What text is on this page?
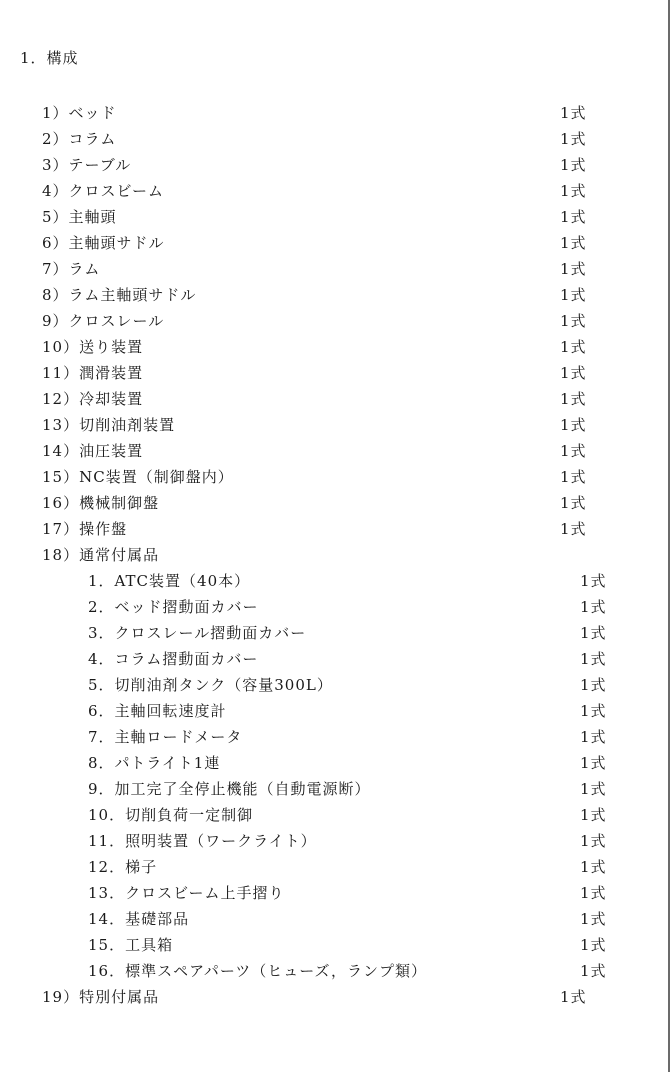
1．構成
1）ベッド	1式
2）コラム	1式
3）テーブル	1式
4）クロスビーム	1式
5）主軸頭	1式
6）主軸頭サドル	1式
7）ラム	1式
8）ラム主軸頭サドル	1式
9）クロスレール	1式
10）送り装置	1式
11）潤滑装置	1式
12）冷却装置	1式
13）切削油剤装置	1式
14）油圧装置	1式
15）NC装置（制御盤内）	1式
16）機械制御盤	1式
17）操作盤	1式
18）通常付属品
1．ATC装置（40本）	1式
2．ベッド摺動面カバー	1式
3．クロスレール摺動面カバー	1式
4．コラム摺動面カバー	1式
5．切削油剤タンク（容量300L）	1式
6．主軸回転速度計	1式
7．主軸ロードメータ	1式
8．パトライト1連	1式
9．加工完了全停止機能（自動電源断）	1式
10．切削負荷一定制御	1式
11．照明装置（ワークライト）	1式
12．梯子	1式
13．クロスビーム上手摺り	1式
14．基礎部品	1式
15．工具箱	1式
16．標準スペアパーツ（ヒューズ，ランプ類）	1式
19）特別付属品	1式
